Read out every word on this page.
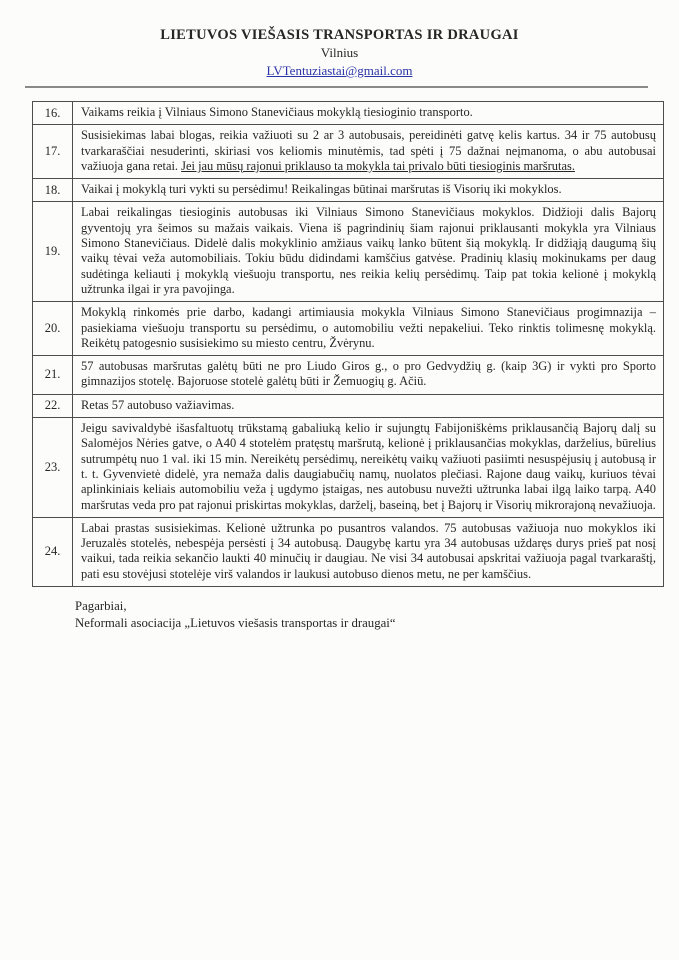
LIETUVOS VIEŠASIS TRANSPORTAS IR DRAUGAI
Vilnius
LVTentuziastai@gmail.com
16.	Vaikams reikia į Vilniaus Simono Stanevičiaus mokyklą tiesioginio transporto.
17.	Susisiekimas labai blogas, reikia važiuoti su 2 ar 3 autobusais, pereidinėti gatvę kelis kartus. 34 ir 75 autobusų tvarkaraščiai nesuderinti, skiriasi vos keliomis minutėmis, tad spėti į 75 dažnai neįmanoma, o abu autobusai važiuoja gana retai. Jei jau mūsų rajonui priklauso ta mokykla tai privalo būti tiesioginis maršrutas.
18.	Vaikai į mokyklą turi vykti su persėdimu! Reikalingas būtinai maršrutas iš Visorių iki mokyklos.
19.	Labai reikalingas tiesioginis autobusas iki Vilniaus Simono Stanevičiaus mokyklos. Didžioji dalis Bajorų gyventojų yra šeimos su mažais vaikais. Viena iš pagrindinių šiam rajonui priklausanti mokykla yra Vilniaus Simono Stanevičiaus. Didelė dalis mokyklinio amžiaus vaikų lanko būtent šią mokyklą. Ir didžiąją daugumą šių vaikų tėvai veža automobiliais. Tokiu būdu didindami kamščius gatvėse. Pradinių klasių mokinukams per daug sudėtinga keliauti į mokyklą viešuoju transportu, nes reikia kelių persėdimų. Taip pat tokia kelionė į mokyklą užtrunka ilgai ir yra pavojinga.
20.	Mokyklą rinkomės prie darbo, kadangi artimiausia mokykla Vilniaus Simono Stanevičiaus progimnazija – pasiekiama viešuoju transportu su persėdimu, o automobiliu vežti nepakeliui. Teko rinktis tolimesnę mokyklą. Reikėtų patogesnio susisiekimo su miesto centru, Žvėrynu.
21.	57 autobusas maršrutas galėtų būti ne pro Liudo Giros g., o pro Gedvydžių g. (kaip 3G) ir vykti pro Sporto gimnazijos stotelę. Bajoruose stotelė galėtų būti ir Žemuogių g. Ačiū.
22.	Retas 57 autobuso važiavimas.
23.	Jeigu savivaldybė išasfaltuotų trūkstamą gabaliuką kelio ir sujungtų Fabijoniškėms priklausančią Bajorų dalį su Salomėjos Nėries gatve, o A40 4 stotelėm pratęstų maršrutą, kelionė į priklausančias mokyklas, darželius, būrelius sutrumpėtų nuo 1 val. iki 15 min. Nereikėtų persėdimų, nereikėtų vaikų važiuoti pasiimti nesuspėjusių į autobusą ir t. t. Gyvenvietė didelė, yra nemaža dalis daugiabučių namų, nuolatos plečiasi. Rajone daug vaikų, kuriuos tėvai aplinkiniais keliais automobiliu veža į ugdymo įstaigas, nes autobusu nuvežti užtrunka labai ilgą laiko tarpą. A40 maršrutas veda pro pat rajonui priskirtas mokyklas, darželį, baseiną, bet į Bajorų ir Visorių mikrorajoną nevažiuoja.
24.	Labai prastas susisiekimas. Kelionė užtrunka po pusantros valandos. 75 autobusas važiuoja nuo mokyklos iki Jeruzalės stotelės, nebespėja persėsti į 34 autobusą. Daugybę kartu yra 34 autobusas uždaręs durys prieš pat nosį vaikui, tada reikia sekančio laukti 40 minučių ir daugiau. Ne visi 34 autobusai apskritai važiuoja pagal tvarkaraštį, pati esu stovėjusi stotelėje virš valandos ir laukusi autobuso dienos metu, ne per kamščius.
Pagarbiai,
Neformali asociacija „Lietuvos viešasis transportas ir draugai“
